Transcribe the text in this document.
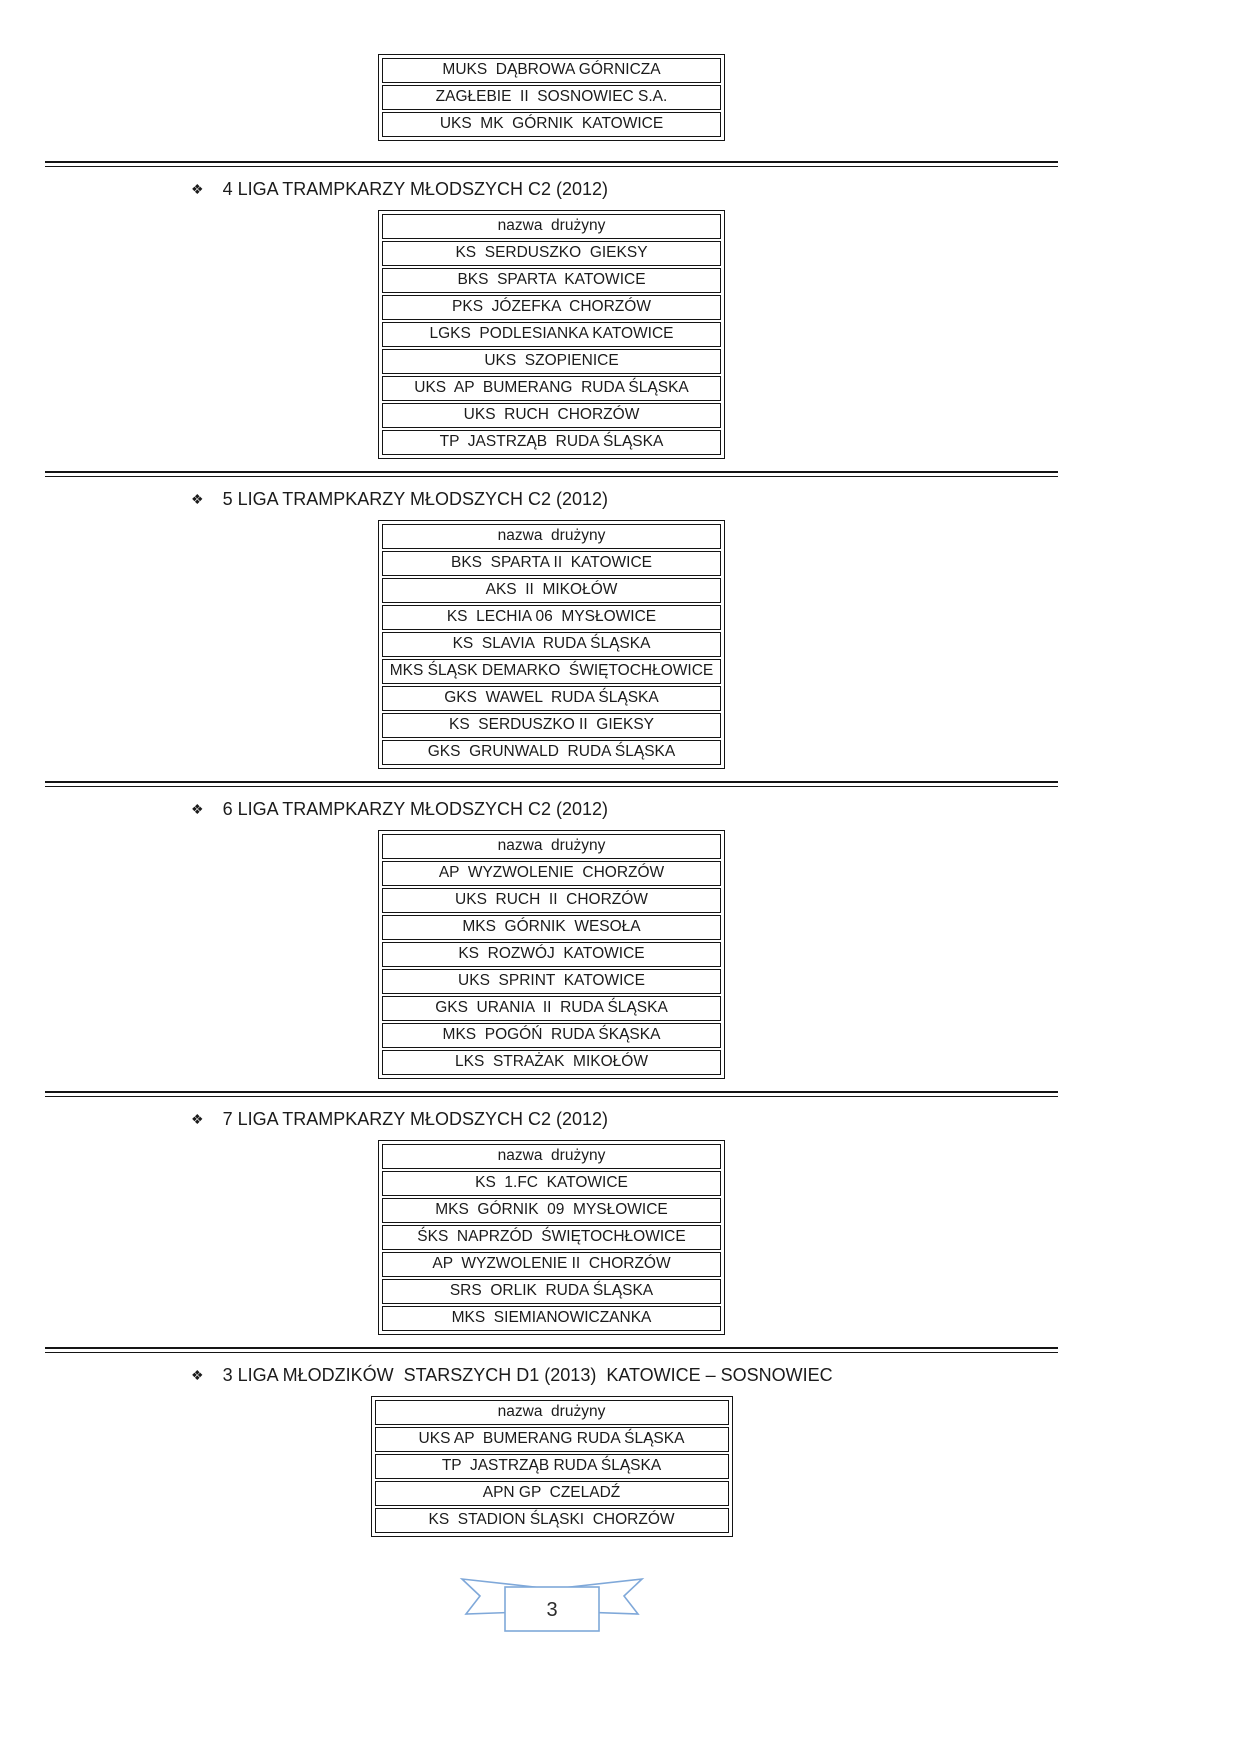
MUKS  DĄBROWA GÓRNICZA
ZAGŁEBIE  II  SOSNOWIEC S.A.
UKS  MK  GÓRNIK  KATOWICE
❖ 4 LIGA TRAMPKARZY MŁODSZYCH C2 (2012)
nazwa  drużyny
KS  SERDUSZKO  GIEKSY
BKS  SPARTA  KATOWICE
PKS  JÓZEFKA  CHORZÓW
LGKS  PODLESIANKA KATOWICE
UKS  SZOPIENICE
UKS  AP  BUMERANG  RUDA ŚLĄSKA
UKS  RUCH  CHORZÓW
TP  JASTRZĄB  RUDA ŚLĄSKA
❖ 5 LIGA TRAMPKARZY MŁODSZYCH C2 (2012)
nazwa  drużyny
BKS  SPARTA II  KATOWICE
AKS  II  MIKOŁÓW
KS  LECHIA 06  MYSŁOWICE
KS  SLAVIA  RUDA ŚLĄSKA
MKS ŚLĄSK DEMARKO  ŚWIĘTOCHŁOWICE
GKS  WAWEL  RUDA ŚLĄSKA
KS  SERDUSZKO II  GIEKSY
GKS  GRUNWALD  RUDA ŚLĄSKA
❖ 6 LIGA TRAMPKARZY MŁODSZYCH C2 (2012)
nazwa  drużyny
AP  WYZWOLENIE  CHORZÓW
UKS  RUCH  II  CHORZÓW
MKS  GÓRNIK  WESOŁA
KS  ROZWÓJ  KATOWICE
UKS  SPRINT  KATOWICE
GKS  URANIA  II  RUDA ŚLĄSKA
MKS  POGÓŃ  RUDA ŚKĄSKA
LKS  STRAŻAK  MIKOŁÓW
❖ 7 LIGA TRAMPKARZY MŁODSZYCH C2 (2012)
nazwa  drużyny
KS  1.FC  KATOWICE
MKS  GÓRNIK  09  MYSŁOWICE
ŚKS  NAPRZÓD  ŚWIĘTOCHŁOWICE
AP  WYZWOLENIE II  CHORZÓW
SRS  ORLIK  RUDA ŚLĄSKA
MKS  SIEMIANOWICZANKA
❖ 3 LIGA MŁODZIKÓW  STARSZYCH D1 (2013)  KATOWICE – SOSNOWIEC
nazwa  drużyny
UKS AP  BUMERANG RUDA ŚLĄSKA
TP  JASTRZĄB RUDA ŚLĄSKA
APN GP  CZELADŹ
KS  STADION ŚLĄSKI  CHORZÓW
3
